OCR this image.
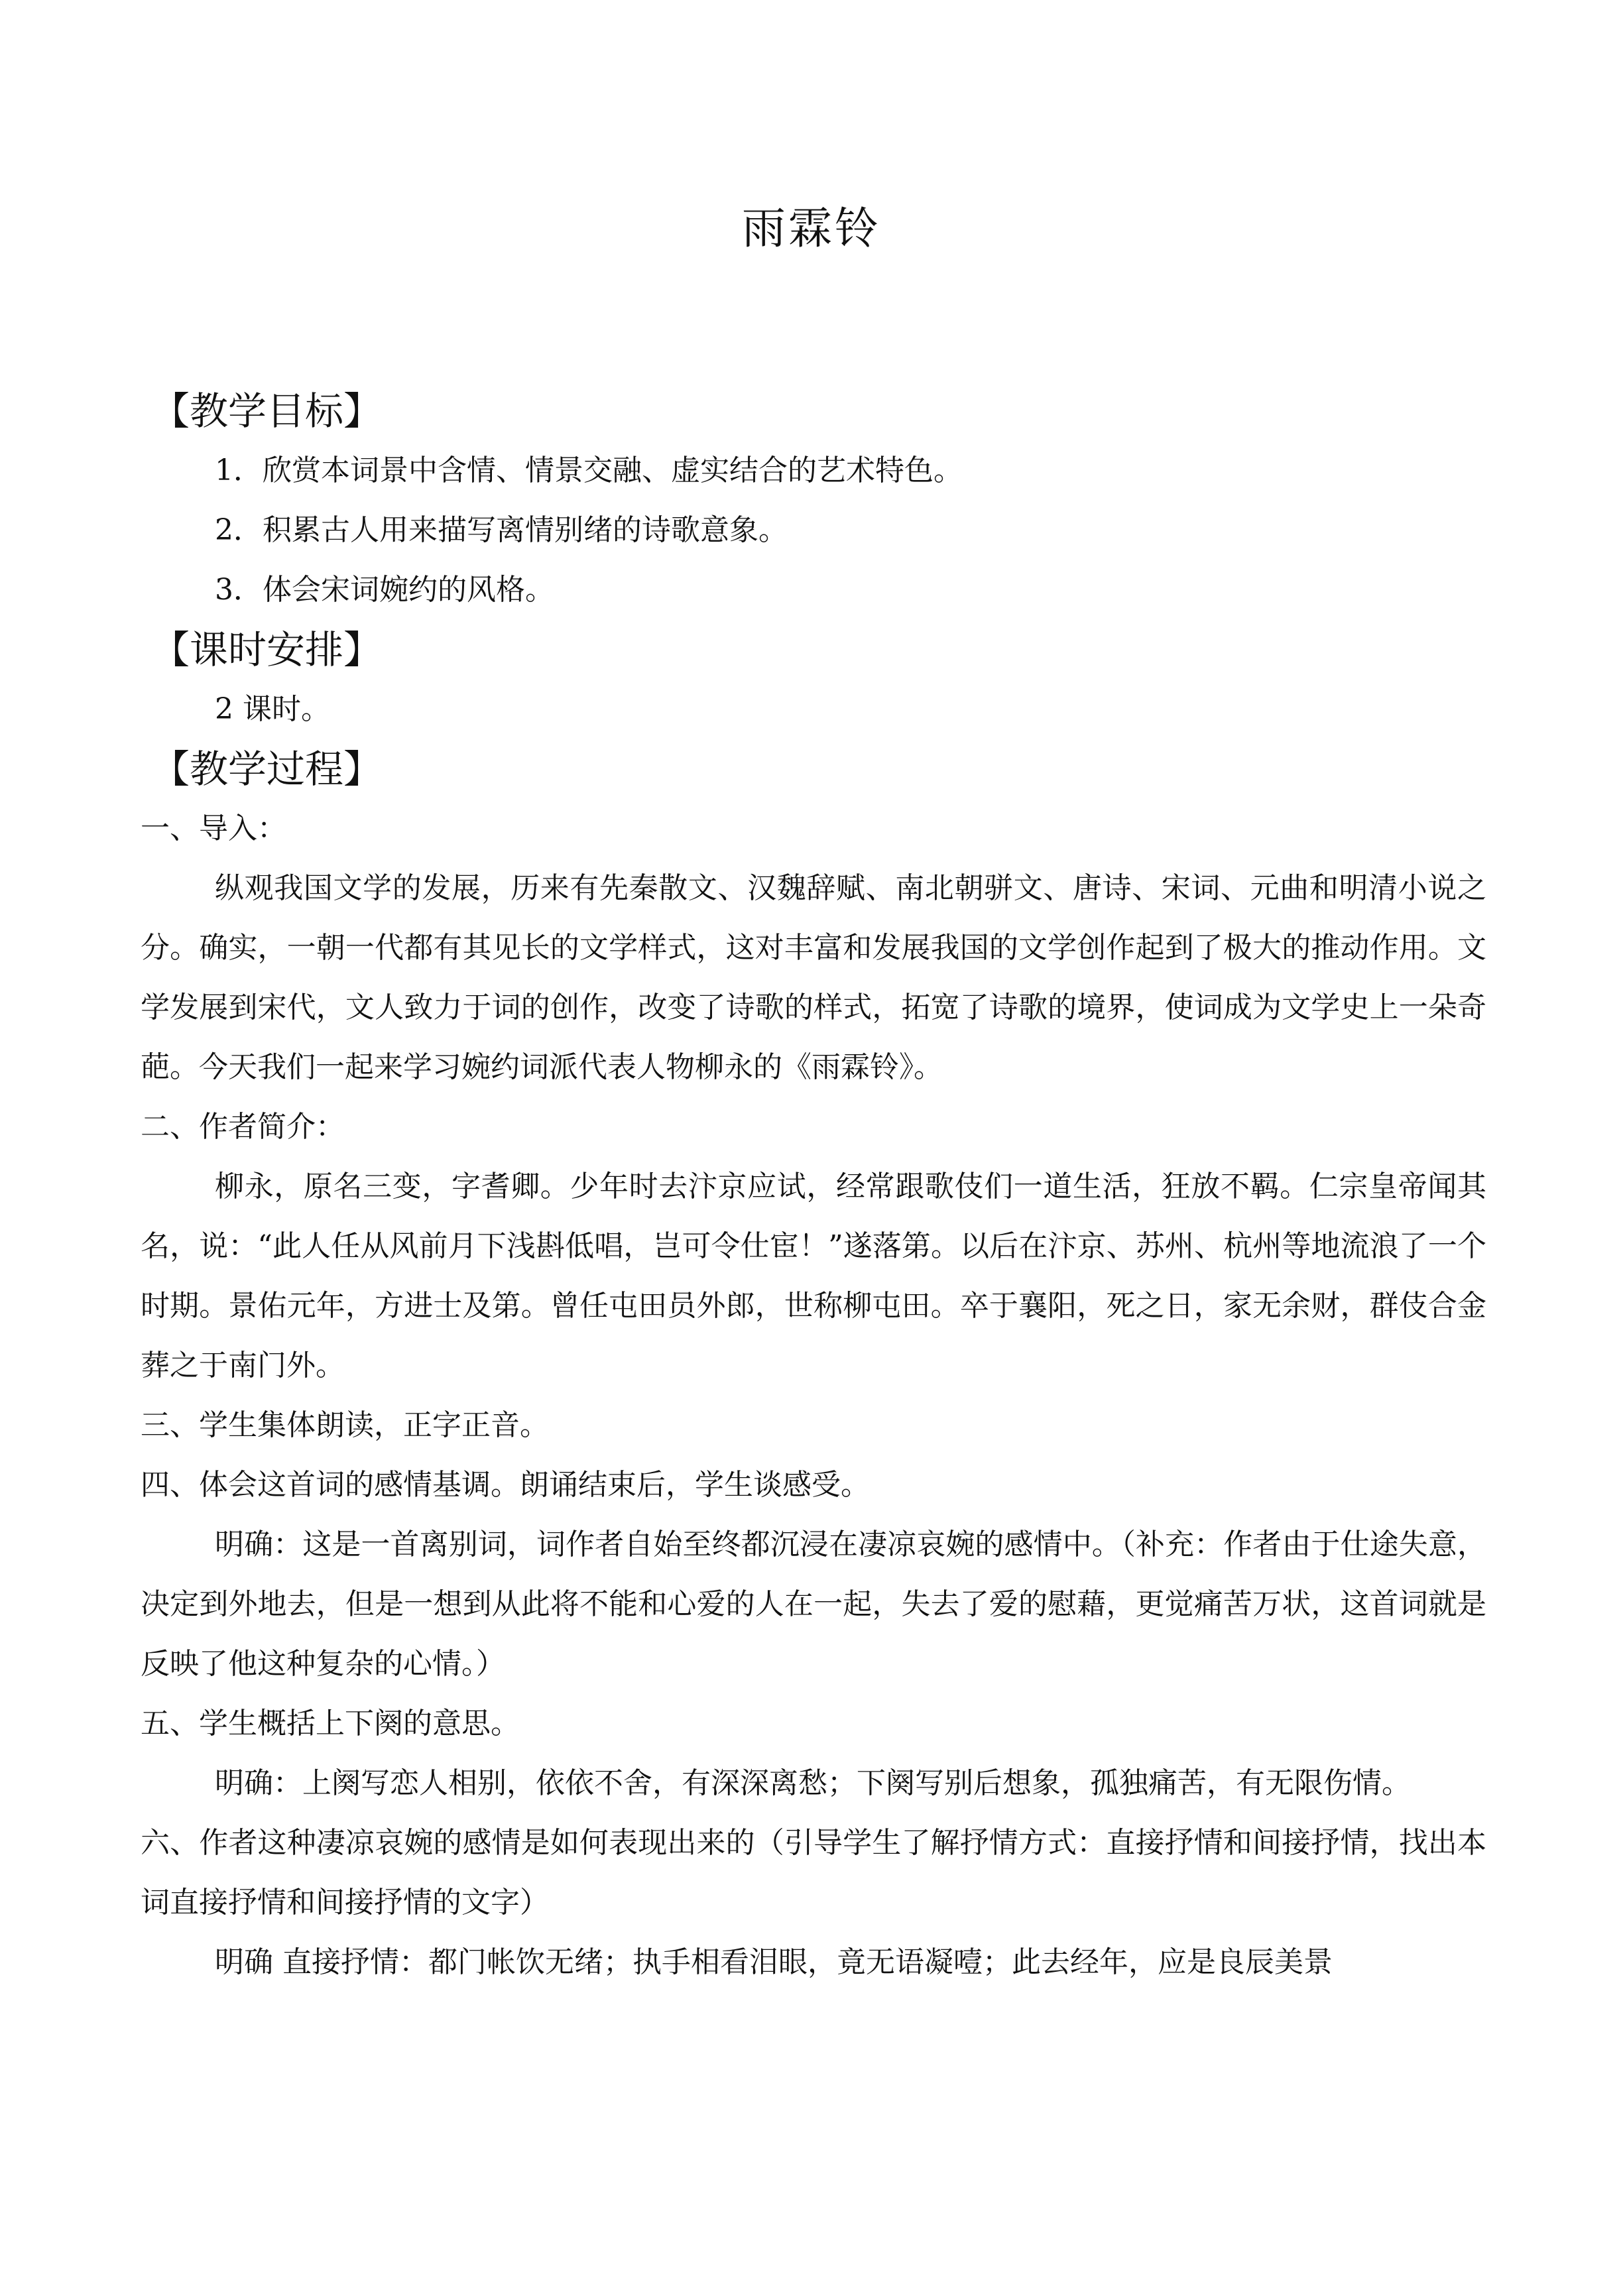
雨霖铃
【教学目标】

1．欣赏本词景中含情、情景交融、虚实结合的艺术特色。

2．积累古人用来描写离情别绪的诗歌意象。

3．体会宋词婉约的风格。

【课时安排】

2 课时。

【教学过程】

一、导入：

纵观我国文学的发展，历来有先秦散文、汉魏辞赋、南北朝骈文、唐诗、宋词、元曲和明清小说之分。确实，一朝一代都有其见长的文学样式，这对丰富和发展我国的文学创作起到了极大的推动作用。文学发展到宋代，文人致力于词的创作，改变了诗歌的样式，拓宽了诗歌的境界，使词成为文学史上一朵奇葩。今天我们一起来学习婉约词派代表人物柳永的《雨霖铃》。

二、作者简介：

柳永，原名三变，字耆卿。少年时去汴京应试，经常跟歌伎们一道生活，狂放不羁。仁宗皇帝闻其名，说：“此人任从风前月下浅斟低唱，岂可令仕宦！”遂落第。以后在汴京、苏州、杭州等地流浪了一个时期。景佑元年，方进士及第。曾任屯田员外郎，世称柳屯田。卒于襄阳，死之日，家无余财，群伎合金葬之于南门外。

三、学生集体朗读，正字正音。

四、体会这首词的感情基调。朗诵结束后，学生谈感受。

明确：这是一首离别词，词作者自始至终都沉浸在凄凉哀婉的感情中。（补充：作者由于仕途失意，决定到外地去，但是一想到从此将不能和心爱的人在一起，失去了爱的慰藉，更觉痛苦万状，这首词就是反映了他这种复杂的心情。）

五、学生概括上下阕的意思。

明确：上阕写恋人相别，依依不舍，有深深离愁；下阕写别后想象，孤独痛苦，有无限伤情。

六、作者这种凄凉哀婉的感情是如何表现出来的（引导学生了解抒情方式：直接抒情和间接抒情，找出本词直接抒情和间接抒情的文字）

明确 直接抒情：都门帐饮无绪；执手相看泪眼，竟无语凝噎；此去经年，应是良辰美景
